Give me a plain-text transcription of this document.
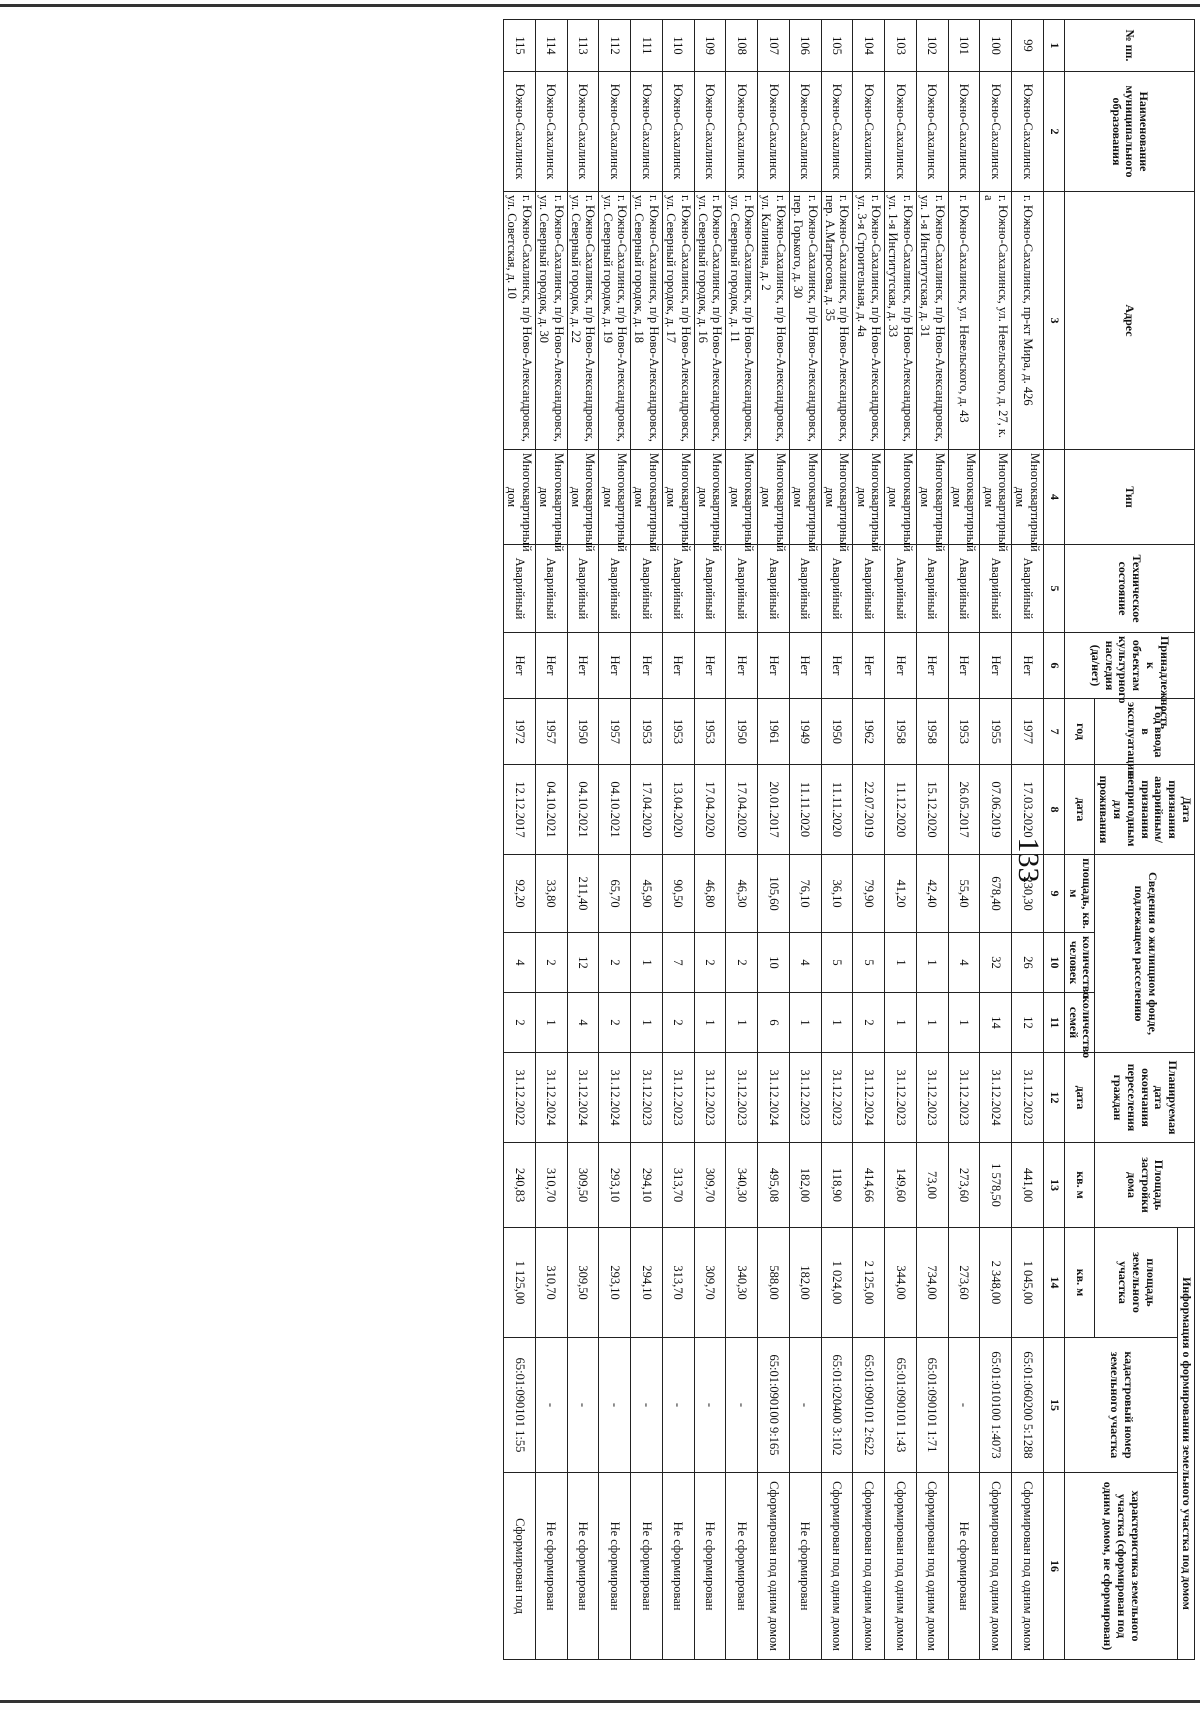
133
№ пп.	Наименование муниципального образования	Адрес	Тип	Техническое состояние	Принадлежность к объектам культурного наследия (да/нет)	Год ввода в эксплуатацию	Дата признания аварийным/признания непригодным для проживания	Сведения о жилищном фонде, подлежащем расселению			Планируемая дата окончания переселения граждан	Площадь застройки дома	Информация о формировании земельного участка под домом		
													площадь земельного участка	кадастровый номер земельного участка	характеристика земельного участка (сформирован под одним домом, не сформирован)
						год	дата	площадь, кв. м	количество человек	количество семей	дата	кв. м	кв. м		
1	2	3	4	5	6	7	8	9	10	11	12	13	14	15	16
99	Южно-Сахалинск	г. Южно-Сахалинск, пр-кт Мира, д. 426	Многоквартирный дом	Аварийный	Нет	1977	17.03.2020	230,30	26	12	31.12.2023	441,00	1 045,00	65:01:060200 5:1288	Сформирован под одним домом
100	Южно-Сахалинск	г. Южно-Сахалинск, ул. Невельского, д. 27, к. а	Многоквартирный дом	Аварийный	Нет	1955	07.06.2019	678,40	32	14	31.12.2024	1 578,50	2 348,00	65:01:010100 1:4073	Сформирован под одним домом
101	Южно-Сахалинск	г. Южно-Сахалинск, ул. Невельского, д. 43	Многоквартирный дом	Аварийный	Нет	1953	26.05.2017	55,40	4	1	31.12.2023	273,60	273,60	-	Не сформирован
102	Южно-Сахалинск	г. Южно-Сахалинск, п/р Ново-Александровск, ул. 1-я Институтская, д. 31	Многоквартирный дом	Аварийный	Нет	1958	15.12.2020	42,40	1	1	31.12.2023	73,00	734,00	65:01:090101 1:71	Сформирован под одним домом
103	Южно-Сахалинск	г. Южно-Сахалинск, п/р Ново-Александровск, ул. 1-я Институтская, д. 33	Многоквартирный дом	Аварийный	Нет	1958	11.12.2020	41,20	1	1	31.12.2023	149,60	344,00	65:01:090101 1:43	Сформирован под одним домом
104	Южно-Сахалинск	г. Южно-Сахалинск, п/р Ново-Александровск, ул. 3-я Строительная, д. 4а	Многоквартирный дом	Аварийный	Нет	1962	22.07.2019	79,90	5	2	31.12.2024	414,66	2 125,00	65:01:090101 2:622	Сформирован под одним домом
105	Южно-Сахалинск	г. Южно-Сахалинск, п/р Ново-Александровск, пер. А.Матросова, д. 35	Многоквартирный дом	Аварийный	Нет	1950	11.11.2020	36,10	5	1	31.12.2023	118,90	1 024,00	65:01:020400 3:102	Сформирован под одним домом
106	Южно-Сахалинск	г. Южно-Сахалинск, п/р Ново-Александровск, пер. Горького, д. 30	Многоквартирный дом	Аварийный	Нет	1949	11.11.2020	76,10	4	1	31.12.2023	182,00	182,00	-	Не сформирован
107	Южно-Сахалинск	г. Южно-Сахалинск, п/р Ново-Александровск, ул. Калинина, д. 2	Многоквартирный дом	Аварийный	Нет	1961	20.01.2017	105,60	10	6	31.12.2024	495,08	588,00	65:01:090100 9:165	Сформирован под одним домом
108	Южно-Сахалинск	г. Южно-Сахалинск, п/р Ново-Александровск, ул. Северный городок, д. 11	Многоквартирный дом	Аварийный	Нет	1950	17.04.2020	46,30	2	1	31.12.2023	340,30	340,30	-	Не сформирован
109	Южно-Сахалинск	г. Южно-Сахалинск, п/р Ново-Александровск, ул. Северный городок, д. 16	Многоквартирный дом	Аварийный	Нет	1953	17.04.2020	46,80	2	1	31.12.2023	309,70	309,70	-	Не сформирован
110	Южно-Сахалинск	г. Южно-Сахалинск, п/р Ново-Александровск, ул. Северный городок, д. 17	Многоквартирный дом	Аварийный	Нет	1953	13.04.2020	90,50	7	2	31.12.2023	313,70	313,70	-	Не сформирован
111	Южно-Сахалинск	г. Южно-Сахалинск, п/р Ново-Александровск, ул. Северный городок, д. 18	Многоквартирный дом	Аварийный	Нет	1953	17.04.2020	45,90	1	1	31.12.2023	294,10	294,10	-	Не сформирован
112	Южно-Сахалинск	г. Южно-Сахалинск, п/р Ново-Александровск, ул. Северный городок, д. 19	Многоквартирный дом	Аварийный	Нет	1957	04.10.2021	65,70	2	2	31.12.2024	293,10	293,10	-	Не сформирован
113	Южно-Сахалинск	г. Южно-Сахалинск, п/р Ново-Александровск, ул. Северный городок, д. 22	Многоквартирный дом	Аварийный	Нет	1950	04.10.2021	211,40	12	4	31.12.2024	309,50	309,50	-	Не сформирован
114	Южно-Сахалинск	г. Южно-Сахалинск, п/р Ново-Александровск, ул. Северный городок, д. 30	Многоквартирный дом	Аварийный	Нет	1957	04.10.2021	33,80	2	1	31.12.2024	310,70	310,70	-	Не сформирован
115	Южно-Сахалинск	г. Южно-Сахалинск, п/р Ново-Александровск, ул. Советская, д. 10	Многоквартирный дом	Аварийный	Нет	1972	12.12.2017	92,20	4	2	31.12.2022	240,83	1 125,00	65:01:090101 1:55	Сформирован под
